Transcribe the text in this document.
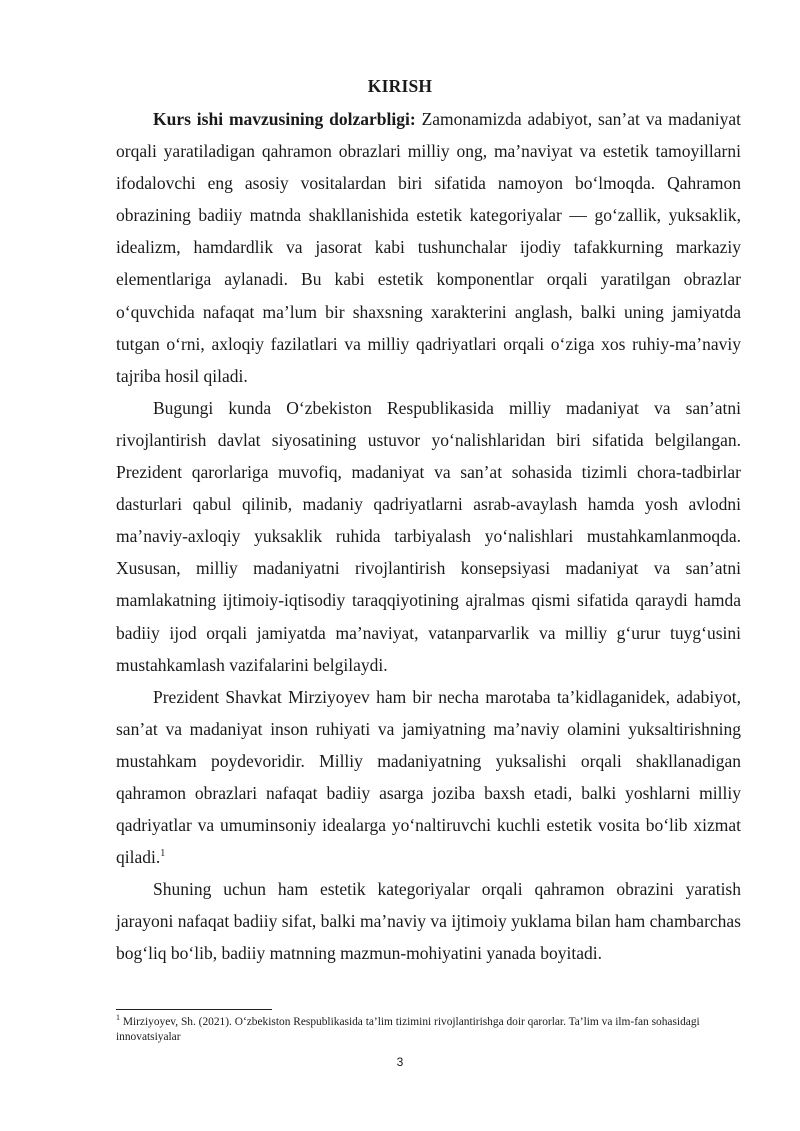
KIRISH

Kurs ishi mavzusining dolzarbligi: Zamonamizda adabiyot, san’at va madaniyat orqali yaratiladigan qahramon obrazlari milliy ong, ma’naviyat va estetik tamoyillarni ifodalovchi eng asosiy vositalardan biri sifatida namoyon bo‘lmoqda. Qahramon obrazining badiiy matnda shakllanishida estetik kategoriyalar — go‘zallik, yuksaklik, idealizm, hamdardlik va jasorat kabi tushunchalar ijodiy tafakkurning markaziy elementlariga aylanadi. Bu kabi estetik komponentlar orqali yaratilgan obrazlar o‘quvchida nafaqat ma’lum bir shaxsning xarakterini anglash, balki uning jamiyatda tutgan o‘rni, axloqiy fazilatlari va milliy qadriyatlari orqali o‘ziga xos ruhiy-ma’naviy tajriba hosil qiladi.

Bugungi kunda O‘zbekiston Respublikasida milliy madaniyat va san’atni rivojlantirish davlat siyosatining ustuvor yo‘nalishlaridan biri sifatida belgilangan. Prezident qarorlariga muvofiq, madaniyat va san’at sohasida tizimli chora-tadbirlar dasturlari qabul qilinib, madaniy qadriyatlarni asrab-avaylash hamda yosh avlodni ma’naviy-axloqiy yuksaklik ruhida tarbiyalash yo‘nalishlari mustahkamlanmoqda. Xususan, milliy madaniyatni rivojlantirish konsepsiyasi madaniyat va san’atni mamlakatning ijtimoiy-iqtisodiy taraqqiyotining ajralmas qismi sifatida qaraydi hamda badiiy ijod orqali jamiyatda ma’naviyat, vatanparvarlik va milliy g‘urur tuyg‘usini mustahkamlash vazifalarini belgilaydi.

Prezident Shavkat Mirziyoyev ham bir necha marotaba ta’kidlaganidek, adabiyot, san’at va madaniyat inson ruhiyati va jamiyatning ma’naviy olamini yuksaltirishning mustahkam poydevoridir. Milliy madaniyatning yuksalishi orqali shakllanadigan qahramon obrazlari nafaqat badiiy asarga joziba baxsh etadi, balki yoshlarni milliy qadriyatlar va umuminsoniy idealarga yo‘naltiruvchi kuchli estetik vosita bo‘lib xizmat qiladi.$^1$

Shuning uchun ham estetik kategoriyalar orqali qahramon obrazini yaratish jarayoni nafaqat badiiy sifat, balki ma’naviy va ijtimoiy yuklama bilan ham chambarchas bog‘liq bo‘lib, badiiy matnning mazmun-mohiyatini yanada boyitadi.

$^1$ Mirziyoyev, Sh. (2021). O‘zbekiston Respublikasida ta’lim tizimini rivojlantirishga doir qarorlar. Ta’lim va ilm-fan sohasidagi innovatsiyalar
3
